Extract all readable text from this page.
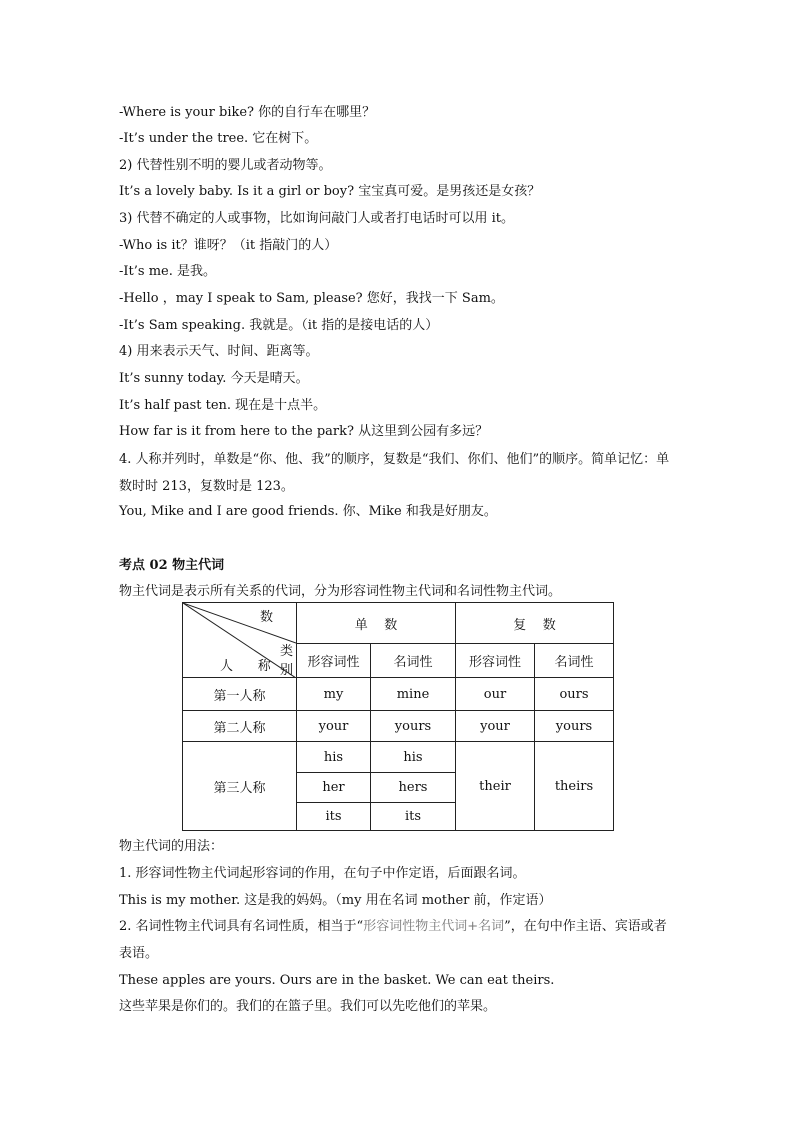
-Where is your bike? 你的自行车在哪里？
-It’s under the tree. 它在树下。
2) 代替性别不明的婴儿或者动物等。
It’s a lovely baby. Is it a girl or boy? 宝宝真可爱。是男孩还是女孩？
3) 代替不确定的人或事物，比如询问敲门人或者打电话时可以用 it。
-Who is it？谁呀？（it 指敲门的人）
-It’s me. 是我。
-Hello ，may I speak to Sam, please? 您好，我找一下 Sam。
-It’s Sam speaking. 我就是。（it 指的是接电话的人）
4) 用来表示天气、时间、距离等。
It’s sunny today. 今天是晴天。
It’s half past ten. 现在是十点半。
How far is it from here to the park? 从这里到公园有多远？
4. 人称并列时，单数是“你、他、我”的顺序，复数是“我们、你们、他们”的顺序。简单记忆：单数时时 213，复数时是 123。
You, Mike and I are good friends. 你、Mike 和我是好朋友。
考点 02 物主代词
物主代词是表示所有关系的代词，分为形容词性物主代词和名词性物主代词。
数
类别
人      称	单    数		复    数	
	形容词性	名词性	形容词性	名词性
第一人称	my	mine	our	ours
第二人称	your	yours	your	yours
第三人称	his	his	their	theirs
	her	hers		
	its	its		
物主代词的用法：
1. 形容词性物主代词起形容词的作用，在句子中作定语，后面跟名词。
This is my mother. 这是我的妈妈。（my 用在名词 mother 前，作定语）
2. 名词性物主代词具有名词性质，相当于“形容词性物主代词+名词”，在句中作主语、宾语或者表语。
These apples are yours. Ours are in the basket. We can eat theirs.
这些苹果是你们的。我们的在篮子里。我们可以先吃他们的苹果。
